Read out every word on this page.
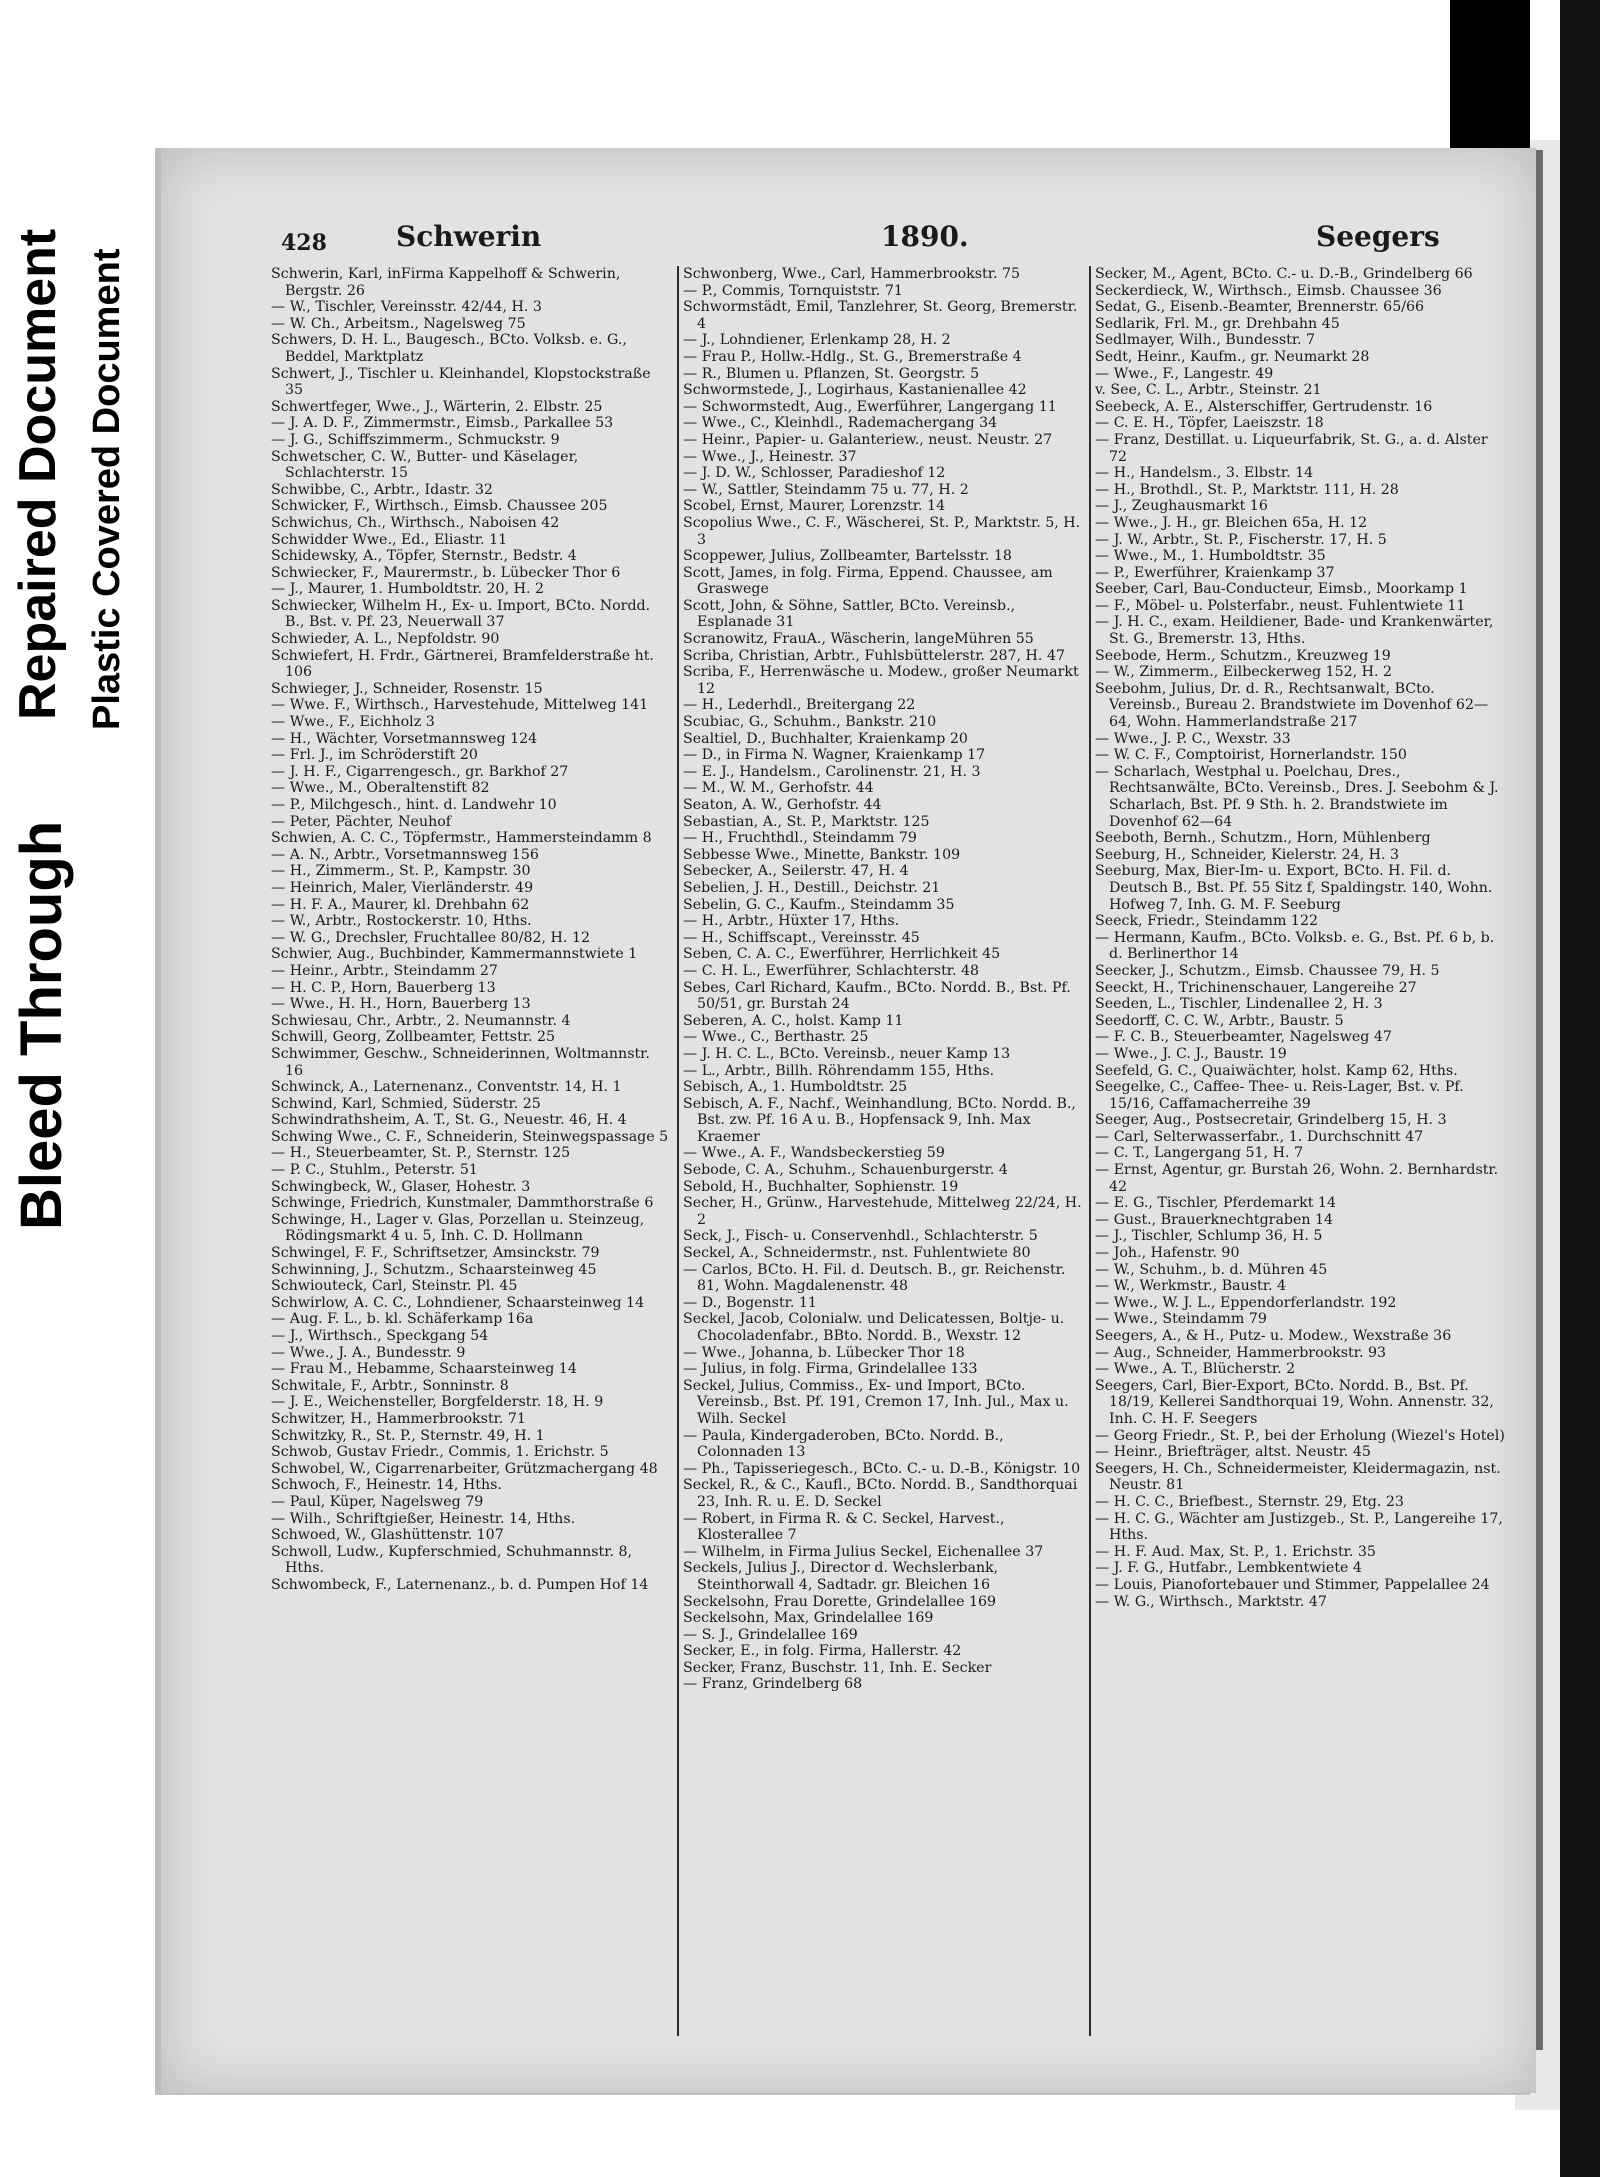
Repaired Document Plastic Covered Document
Bleed Through
428 Schwerin	1890.	Seegers

Schwerin, Karl, inFirma Kappelhoff & Schwerin, Bergstr. 26

— W., Tischler, Vereinsstr. 42/44, H. 3

— W. Ch., Arbeitsm., Nagelsweg 75

Schwers, D. H. L., Baugesch., BCto. Volksb. e. G., Beddel, Marktplatz

Schwert, J., Tischler u. Kleinhandel, Klopstockstraße 35

Schwertfeger, Wwe., J., Wärterin, 2. Elbstr. 25

— J. A. D. F., Zimmermstr., Eimsb., Parkallee 53

— J. G., Schiffszimmerm., Schmuckstr. 9

Schwetscher, C. W., Butter- und Käselager, Schlachterstr. 15

Schwibbe, C., Arbtr., Idastr. 32

Schwicker, F., Wirthsch., Eimsb. Chaussee 205

Schwichus, Ch., Wirthsch., Naboisen 42

Schwidder Wwe., Ed., Eliastr. 11

Schidewsky, A., Töpfer, Sternstr., Bedstr. 4

Schwiecker, F., Maurermstr., b. Lübecker Thor 6

— J., Maurer, 1. Humboldtstr. 20, H. 2

Schwiecker, Wilhelm H., Ex- u. Import, BCto. Nordd. B., Bst. v. Pf. 23, Neuerwall 37

Schwieder, A. L., Nepfoldstr. 90

Schwiefert, H. Frdr., Gärtnerei, Bramfelderstraße ht. 106

Schwieger, J., Schneider, Rosenstr. 15

— Wwe. F., Wirthsch., Harvestehude, Mittelweg 141

— Wwe., F., Eichholz 3

— H., Wächter, Vorsetmannsweg 124

— Frl. J., im Schröderstift 20

— J. H. F., Cigarrengesch., gr. Barkhof 27

— Wwe., M., Oberaltenstift 82

— P., Milchgesch., hint. d. Landwehr 10

— Peter, Pächter, Neuhof

Schwien, A. C. C., Töpfermstr., Hammersteindamm 8

— A. N., Arbtr., Vorsetmannsweg 156

— H., Zimmerm., St. P., Kampstr. 30

— Heinrich, Maler, Vierländerstr. 49

— H. F. A., Maurer, kl. Drehbahn 62

— W., Arbtr., Rostockerstr. 10, Hths.

— W. G., Drechsler, Fruchtallee 80/82, H. 12

Schwier, Aug., Buchbinder, Kammermannstwiete 1

— Heinr., Arbtr., Steindamm 27

— H. C. P., Horn, Bauerberg 13

— Wwe., H. H., Horn, Bauerberg 13

Schwiesau, Chr., Arbtr., 2. Neumannstr. 4

Schwill, Georg, Zollbeamter, Fettstr. 25

Schwimmer, Geschw., Schneiderinnen, Woltmannstr. 16

Schwinck, A., Laternenanz., Conventstr. 14, H. 1

Schwind, Karl, Schmied, Süderstr. 25

Schwindrathsheim, A. T., St. G., Neuestr. 46, H. 4

Schwing Wwe., C. F., Schneiderin, Steinwegspassage 5

— H., Steuerbeamter, St. P., Sternstr. 125

— P. C., Stuhlm., Peterstr. 51

Schwingbeck, W., Glaser, Hohestr. 3

Schwinge, Friedrich, Kunstmaler, Dammthorstraße 6

Schwinge, H., Lager v. Glas, Porzellan u. Steinzeug, Rödingsmarkt 4 u. 5, Inh. C. D. Hollmann

Schwingel, F. F., Schriftsetzer, Amsinckstr. 79

Schwinning, J., Schutzm., Schaarsteinweg 45

Schwiouteck, Carl, Steinstr. Pl. 45

Schwirlow, A. C. C., Lohndiener, Schaarsteinweg 14

— Aug. F. L., b. kl. Schäferkamp 16a

— J., Wirthsch., Speckgang 54

— Wwe., J. A., Bundesstr. 9

— Frau M., Hebamme, Schaarsteinweg 14

Schwitale, F., Arbtr., Sonninstr. 8

— J. E., Weichensteller, Borgfelderstr. 18, H. 9

Schwitzer, H., Hammerbrookstr. 71

Schwitzky, R., St. P., Sternstr. 49, H. 1

Schwob, Gustav Friedr., Commis, 1. Erichstr. 5

Schwobel, W., Cigarrenarbeiter, Grützmachergang 48

Schwoch, F., Heinestr. 14, Hths.

— Paul, Küper, Nagelsweg 79

— Wilh., Schriftgießer, Heinestr. 14, Hths.

Schwoed, W., Glashüttenstr. 107

Schwoll, Ludw., Kupferschmied, Schuhmannstr. 8, Hths.

Schwombeck, F., Laternenanz., b. d. Pumpen Hof 14

Schwonberg, Wwe., Carl, Hammerbrookstr. 75

— P., Commis, Tornquiststr. 71

Schwormstädt, Emil, Tanzlehrer, St. Georg, Bremerstr. 4

— J., Lohndiener, Erlenkamp 28, H. 2

— Frau P., Hollw.-Hdlg., St. G., Bremerstraße 4

— R., Blumen u. Pflanzen, St. Georgstr. 5

Schwormstede, J., Logirhaus, Kastanienallee 42

— Schwormstedt, Aug., Ewerführer, Langergang 11

— Wwe., C., Kleinhdl., Rademachergang 34

— Heinr., Papier- u. Galanteriew., neust. Neustr. 27

— Wwe., J., Heinestr. 37

— J. D. W., Schlosser, Paradieshof 12

— W., Sattler, Steindamm 75 u. 77, H. 2

Scobel, Ernst, Maurer, Lorenzstr. 14

Scopolius Wwe., C. F., Wäscherei, St. P., Marktstr. 5, H. 3

Scoppewer, Julius, Zollbeamter, Bartelsstr. 18

Scott, James, in folg. Firma, Eppend. Chaussee, am Graswege

Scott, John, & Söhne, Sattler, BCto. Vereinsb., Esplanade 31

Scranowitz, FrauA., Wäscherin, langeMühren 55

Scriba, Christian, Arbtr., Fuhlsbüttelerstr. 287, H. 47

Scriba, F., Herrenwäsche u. Modew., großer Neumarkt 12

— H., Lederhdl., Breitergang 22

Scubiac, G., Schuhm., Bankstr. 210

Sealtiel, D., Buchhalter, Kraienkamp 20

— D., in Firma N. Wagner, Kraienkamp 17

— E. J., Handelsm., Carolinenstr. 21, H. 3

— M., W. M., Gerhofstr. 44

Seaton, A. W., Gerhofstr. 44

Sebastian, A., St. P., Marktstr. 125

— H., Fruchthdl., Steindamm 79

Sebbesse Wwe., Minette, Bankstr. 109

Sebecker, A., Seilerstr. 47, H. 4

Sebelien, J. H., Destill., Deichstr. 21

Sebelin, G. C., Kaufm., Steindamm 35

— H., Arbtr., Hüxter 17, Hths.

— H., Schiffscapt., Vereinsstr. 45

Seben, C. A. C., Ewerführer, Herrlichkeit 45

— C. H. L., Ewerführer, Schlachterstr. 48

Sebes, Carl Richard, Kaufm., BCto. Nordd. B., Bst. Pf. 50/51, gr. Burstah 24

Seberen, A. C., holst. Kamp 11

— Wwe., C., Berthastr. 25

— J. H. C. L., BCto. Vereinsb., neuer Kamp 13

— L., Arbtr., Billh. Röhrendamm 155, Hths.

Sebisch, A., 1. Humboldtstr. 25

Sebisch, A. F., Nachf., Weinhandlung, BCto. Nordd. B., Bst. zw. Pf. 16 A u. B., Hopfensack 9, Inh. Max Kraemer

— Wwe., A. F., Wandsbeckerstieg 59

Sebode, C. A., Schuhm., Schauenburgerstr. 4

Sebold, H., Buchhalter, Sophienstr. 19

Secher, H., Grünw., Harvestehude, Mittelweg 22/24, H. 2

Seck, J., Fisch- u. Conservenhdl., Schlachterstr. 5

Seckel, A., Schneidermstr., nst. Fuhlentwiete 80

— Carlos, BCto. H. Fil. d. Deutsch. B., gr. Reichenstr. 81, Wohn. Magdalenenstr. 48

— D., Bogenstr. 11

Seckel, Jacob, Colonialw. und Delicatessen, Boltje- u. Chocoladenfabr., BBto. Nordd. B., Wexstr. 12

— Wwe., Johanna, b. Lübecker Thor 18

— Julius, in folg. Firma, Grindelallee 133

Seckel, Julius, Commiss., Ex- und Import, BCto. Vereinsb., Bst. Pf. 191, Cremon 17, Inh. Jul., Max u. Wilh. Seckel

— Paula, Kindergaderoben, BCto. Nordd. B., Colonnaden 13

— Ph., Tapisseriegesch., BCto. C.- u. D.-B., Königstr. 10

Seckel, R., & C., Kaufl., BCto. Nordd. B., Sandthorquai 23, Inh. R. u. E. D. Seckel

— Robert, in Firma R. & C. Seckel, Harvest., Klosterallee 7

— Wilhelm, in Firma Julius Seckel, Eichenallee 37

Seckels, Julius J., Director d. Wechslerbank, Steinthorwall 4, Sadtadr. gr. Bleichen 16

Seckelsohn, Frau Dorette, Grindelallee 169

Seckelsohn, Max, Grindelallee 169

— S. J., Grindelallee 169

Secker, E., in folg. Firma, Hallerstr. 42

Secker, Franz, Buschstr. 11, Inh. E. Secker

— Franz, Grindelberg 68

Secker, M., Agent, BCto. C.- u. D.-B., Grindelberg 66

Seckerdieck, W., Wirthsch., Eimsb. Chaussee 36

Sedat, G., Eisenb.-Beamter, Brennerstr. 65/66

Sedlarik, Frl. M., gr. Drehbahn 45

Sedlmayer, Wilh., Bundesstr. 7

Sedt, Heinr., Kaufm., gr. Neumarkt 28

— Wwe., F., Langestr. 49

v. See, C. L., Arbtr., Steinstr. 21

Seebeck, A. E., Alsterschiffer, Gertrudenstr. 16

— C. E. H., Töpfer, Laeiszstr. 18

— Franz, Destillat. u. Liqueurfabrik, St. G., a. d. Alster 72

— H., Handelsm., 3. Elbstr. 14

— H., Brothdl., St. P., Marktstr. 111, H. 28

— J., Zeughausmarkt 16

— Wwe., J. H., gr. Bleichen 65a, H. 12

— J. W., Arbtr., St. P., Fischerstr. 17, H. 5

— Wwe., M., 1. Humboldtstr. 35

— P., Ewerführer, Kraienkamp 37

Seeber, Carl, Bau-Conducteur, Eimsb., Moorkamp 1

— F., Möbel- u. Polsterfabr., neust. Fuhlentwiete 11

— J. H. C., exam. Heildiener, Bade- und Krankenwärter, St. G., Bremerstr. 13, Hths.

Seebode, Herm., Schutzm., Kreuzweg 19

— W., Zimmerm., Eilbeckerweg 152, H. 2

Seebohm, Julius, Dr. d. R., Rechtsanwalt, BCto. Vereinsb., Bureau 2. Brandstwiete im Dovenhof 62—64, Wohn. Hammerlandstraße 217

— Wwe., J. P. C., Wexstr. 33

— W. C. F., Comptoirist, Hornerlandstr. 150

— Scharlach, Westphal u. Poelchau, Dres., Rechtsanwälte, BCto. Vereinsb., Dres. J. Seebohm & J. Scharlach, Bst. Pf. 9 Sth. h. 2. Brandstwiete im Dovenhof 62—64

Seeboth, Bernh., Schutzm., Horn, Mühlenberg

Seeburg, H., Schneider, Kielerstr. 24, H. 3

Seeburg, Max, Bier-Im- u. Export, BCto. H. Fil. d. Deutsch B., Bst. Pf. 55 Sitz f, Spaldingstr. 140, Wohn. Hofweg 7, Inh. G. M. F. Seeburg

Seeck, Friedr., Steindamm 122

— Hermann, Kaufm., BCto. Volksb. e. G., Bst. Pf. 6 b, b. d. Berlinerthor 14

Seecker, J., Schutzm., Eimsb. Chaussee 79, H. 5

Seeckt, H., Trichinenschauer, Langereihe 27

Seeden, L., Tischler, Lindenallee 2, H. 3

Seedorff, C. C. W., Arbtr., Baustr. 5

— F. C. B., Steuerbeamter, Nagelsweg 47

— Wwe., J. C. J., Baustr. 19

Seefeld, G. C., Quaiwächter, holst. Kamp 62, Hths.

Seegelke, C., Caffee- Thee- u. Reis-Lager, Bst. v. Pf. 15/16, Caffamacherreihe 39

Seeger, Aug., Postsecretair, Grindelberg 15, H. 3

— Carl, Selterwasserfabr., 1. Durchschnitt 47

— C. T., Langergang 51, H. 7

— Ernst, Agentur, gr. Burstah 26, Wohn. 2. Bernhardstr. 42

— E. G., Tischler, Pferdemarkt 14

— Gust., Brauerknechtgraben 14

— J., Tischler, Schlump 36, H. 5

— Joh., Hafenstr. 90

— W., Schuhm., b. d. Mühren 45

— W., Werkmstr., Baustr. 4

— Wwe., W. J. L., Eppendorferlandstr. 192

— Wwe., Steindamm 79

Seegers, A., & H., Putz- u. Modew., Wexstraße 36

— Aug., Schneider, Hammerbrookstr. 93

— Wwe., A. T., Blücherstr. 2

Seegers, Carl, Bier-Export, BCto. Nordd. B., Bst. Pf. 18/19, Kellerei Sandthorquai 19, Wohn. Annenstr. 32, Inh. C. H. F. Seegers

— Georg Friedr., St. P., bei der Erholung (Wiezel's Hotel)

— Heinr., Briefträger, altst. Neustr. 45

Seegers, H. Ch., Schneidermeister, Kleidermagazin, nst. Neustr. 81

— H. C. C., Briefbest., Sternstr. 29, Etg. 23

— H. C. G., Wächter am Justizgeb., St. P., Langereihe 17, Hths.

— H. F. Aud. Max, St. P., 1. Erichstr. 35

— J. F. G., Hutfabr., Lembkentwiete 4

— Louis, Pianofortebauer und Stimmer, Pappelallee 24

— W. G., Wirthsch., Marktstr. 47
